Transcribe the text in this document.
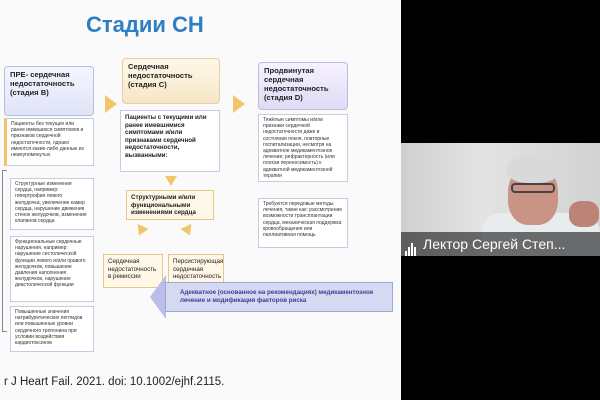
Стадии СН
ПРЕ- сердечная недостаточность (стадия В)
Пациенты без текущих или ранее имевшихся симптомов и признаков сердечной недостаточности, однако имеются какие-либо данные из нижеупомянутых
Структурные изменения сердца, например: гипертрофия левого желудочка, увеличение камер сердца, нарушение движения стенок желудочков, изменения клапанов сердца
Функциональные сердечные нарушения, например: нарушение систолической функции левого и/или правого желудочков, повышение давления наполнения желудочков, нарушение диастолической функции
Повышенные значения натрийуретических пептидов или повышенные уровни сердечного тропонина при условии воздействия кардиотоксинов
Сердечная недостаточность (стадия С)
Пациенты с текущими или ранее имевшимися симптомами и/или признаками сердечной недостаточности, вызванными:
Структурными и/или функциональными изменениями сердца
Сердечная недостаточность в ремиссии
Персистирующая сердечная недостаточность
Продвинутая сердечная недостаточность (стадия D)
Тяжёлые симптомы и/или признаки сердечной недостаточности даже в состоянии покоя, повторные госпитализации, несмотря на адекватное медикаментозное лечение; рефрактерность (или плохая переносимость) к адекватной медикаментозной терапии
Требуются передовые методы лечения, такие как: рассмотрение возможности трансплантации сердца, механическая поддержка кровообращения или паллиативная помощь
Адекватное (основанное на рекомендациях) медикаментозное лечение и модификация факторов риска
r J Heart Fail. 2021. doi: 10.1002/ejhf.2115.
Лектор Сергей Степ...
